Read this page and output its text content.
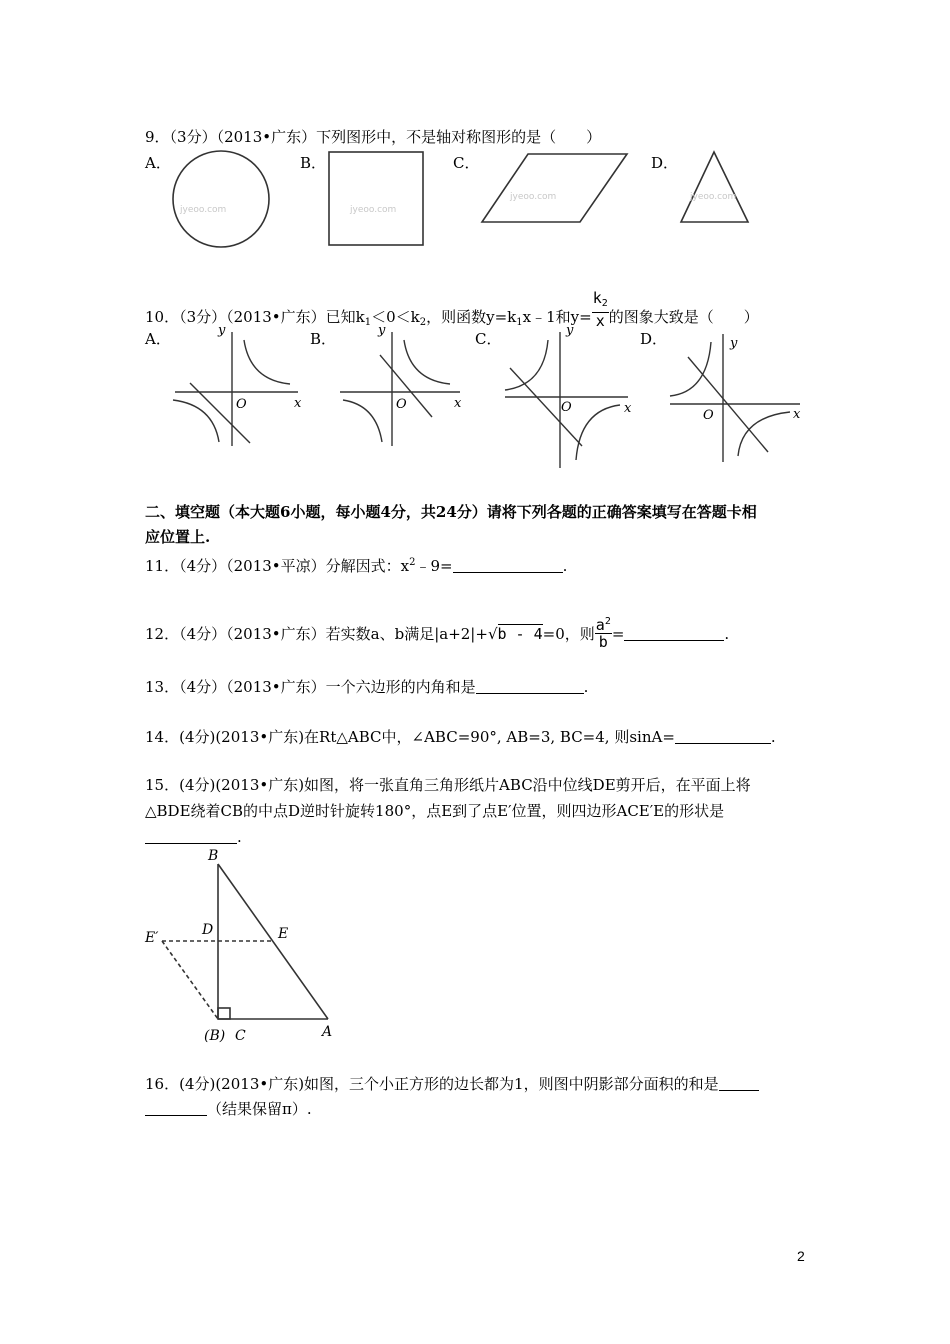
9．（3分）（2013•广东）下列图形中，不是轴对称图形的是（　　）
A．	B．	C．	D．
jyeoo.com	jyeoo.com
jyeoo.com	jyeoo.com
10．（3分）（2013•广东）已知$k_1<0<k_2$，则函数$y=k_1x﹣1$和$y= \frac{k_2}{x}$ 的图象大致是（　　）
A．	B．	C．	D．
x
y
O	x
y
O	x
y
O	x
y
O
二、填空题（本大题6小题，每小题4分，共24分）请将下列各题的正确答案填写在答题卡相
应位置上.
11．（4分）（2013•平凉）分解因式：$x^2﹣9=$	.
12．（4分）（2013•广东）若实数a、b满足|a+2|+√b - 4=0，则 $\frac{a^2}{b}$ =	.
13．（4分）（2013•广东）一个六边形的内角和是	.
14．(4分)(2013•广东)在Rt△ABC中，∠ABC=90°, AB=3, BC=4, 则sinA=	.
15．(4分)(2013•广东)如图，将一张直角三角形纸片ABC沿中位线DE剪开后，在平面上将
△BDE绕着CB的中点D逆时针旋转180°，点E到了点E′位置，则四边形ACE′E的形状是
.
B
D	E
E′
(B) C	A
16．(4分)(2013•广东)如图，三个小正方形的边长都为1，则图中阴影部分面积的和是
（结果保留π）.
2
